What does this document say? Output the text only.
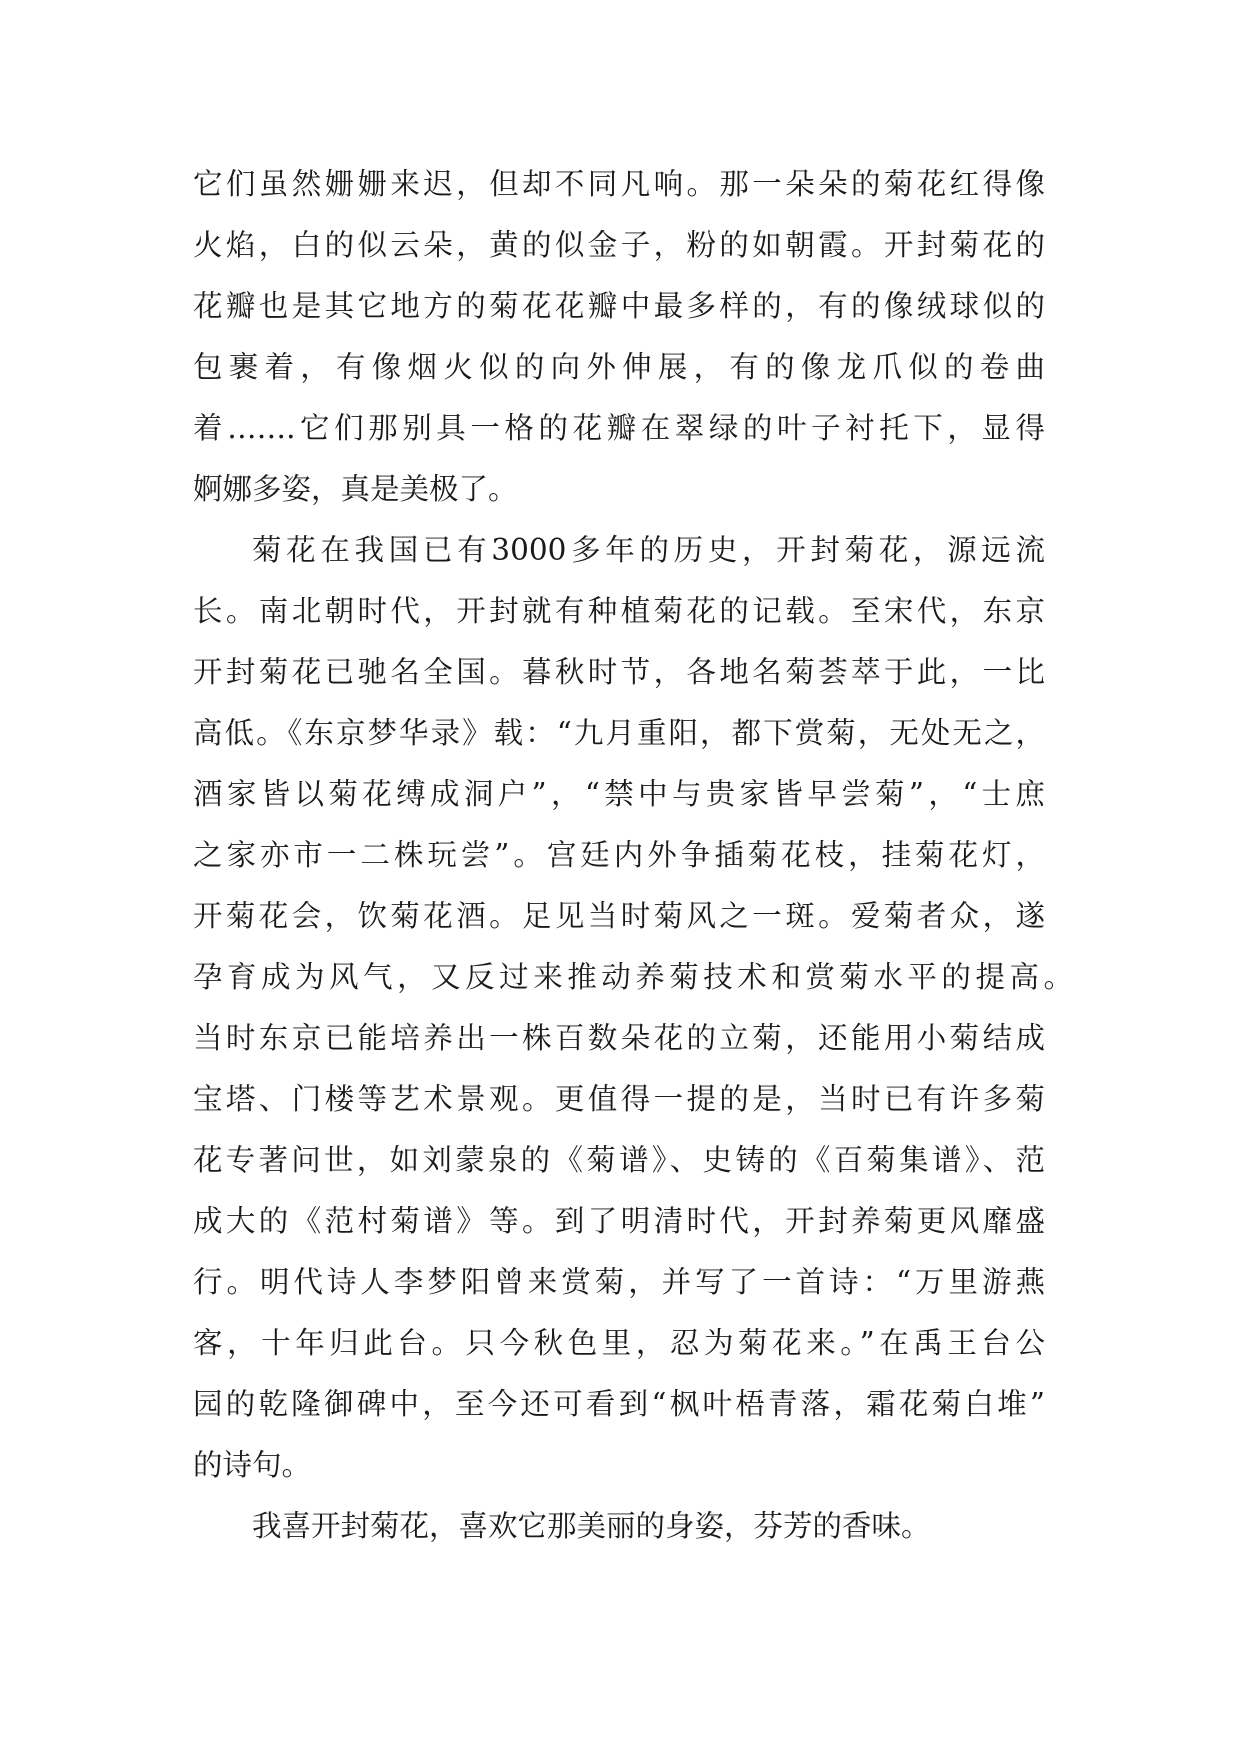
它们虽然姗姗来迟，但却不同凡响。那一朵朵的菊花红得像
火焰，白的似云朵，黄的似金子，粉的如朝霞。开封菊花的
花瓣也是其它地方的菊花花瓣中最多样的，有的像绒球似的
包裹着，有像烟火似的向外伸展，有的像龙爪似的卷曲
着…….它们那别具一格的花瓣在翠绿的叶子衬托下，显得
婀娜多姿，真是美极了。
菊花在我国已有3000多年的历史，开封菊花，源远流
长。南北朝时代，开封就有种植菊花的记载。至宋代，东京
开封菊花已驰名全国。暮秋时节，各地名菊荟萃于此，一比
高低。《东京梦华录》载：“九月重阳，都下赏菊，无处无之，
酒家皆以菊花缚成洞户”，“禁中与贵家皆早尝菊”，“士庶
之家亦市一二株玩尝”。宫廷内外争插菊花枝，挂菊花灯，
开菊花会，饮菊花酒。足见当时菊风之一斑。爱菊者众，遂
孕育成为风气，又反过来推动养菊技术和赏菊水平的提高。
当时东京已能培养出一株百数朵花的立菊，还能用小菊结成
宝塔、门楼等艺术景观。更值得一提的是，当时已有许多菊
花专著问世，如刘蒙泉的《菊谱》、史铸的《百菊集谱》、范
成大的《范村菊谱》等。到了明清时代，开封养菊更风靡盛
行。明代诗人李梦阳曾来赏菊，并写了一首诗：“万里游燕
客，十年归此台。只今秋色里，忍为菊花来。”在禹王台公
园的乾隆御碑中，至今还可看到“枫叶梧青落，霜花菊白堆”
的诗句。
我喜开封菊花，喜欢它那美丽的身姿，芬芳的香味。
